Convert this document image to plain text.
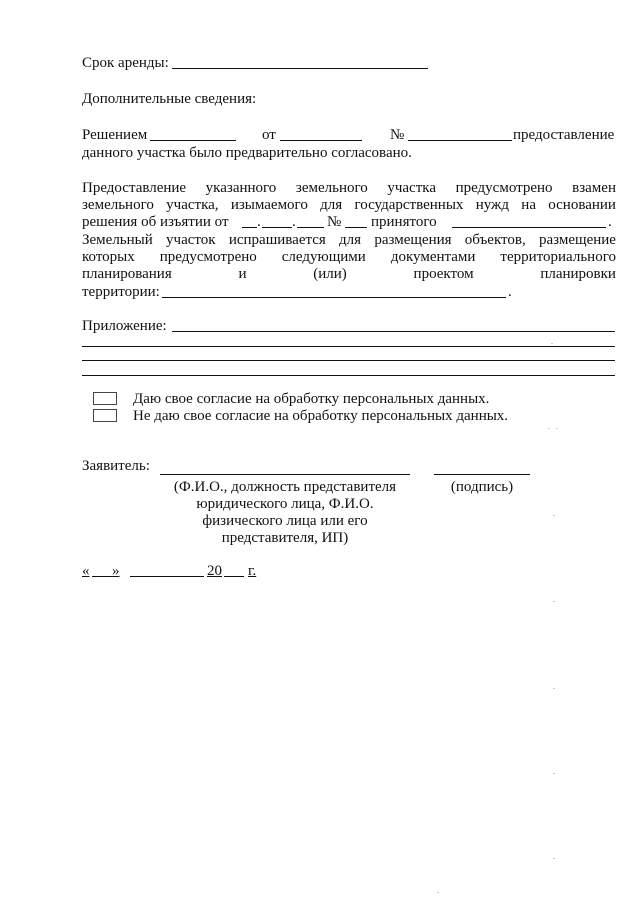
Срок аренды:
Дополнительные сведения:
Решением	от	№	предоставление
данного участка было предварительно согласовано.
Предоставление указанного земельного участка предусмотрено взамен
земельного участка, изымаемого для государственных нужд на основании
решения об изъятии от . . № принятого	.
Земельный участок испрашивается для размещения объектов, размещение
которых предусмотрено следующими документами территориального
планирования	и	(или)	проектом	планировки
территории:	.
Приложение:
Даю свое согласие на обработку персональных данных.
Не даю свое согласие на обработку персональных данных.
Заявитель:
(Ф.И.О., должность представителя
юридического лица, Ф.И.О.
физического лица или его
представителя, ИП)
(подпись)
« »	20 г.
